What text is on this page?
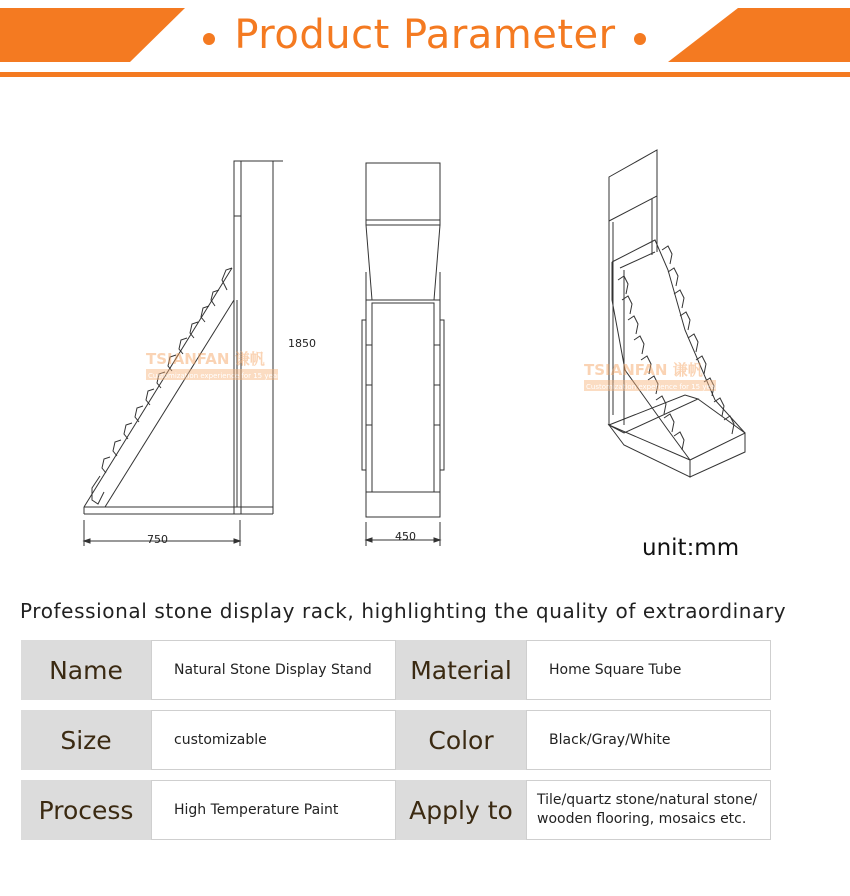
Product Parameter
1850
750	450
TSIANFAN 谦帆
Customization experience for 15 years	TSIANFAN 谦帆
Customization experience for 15 years
unit:mm
Professional stone display rack, highlighting the quality of extraordinary
Name	Natural Stone Display Stand	Material	Home Square Tube
Size	customizable	Color	Black/Gray/White
Process	High Temperature Paint	Apply to	Tile/quartz stone/natural stone/
wooden flooring, mosaics etc.
